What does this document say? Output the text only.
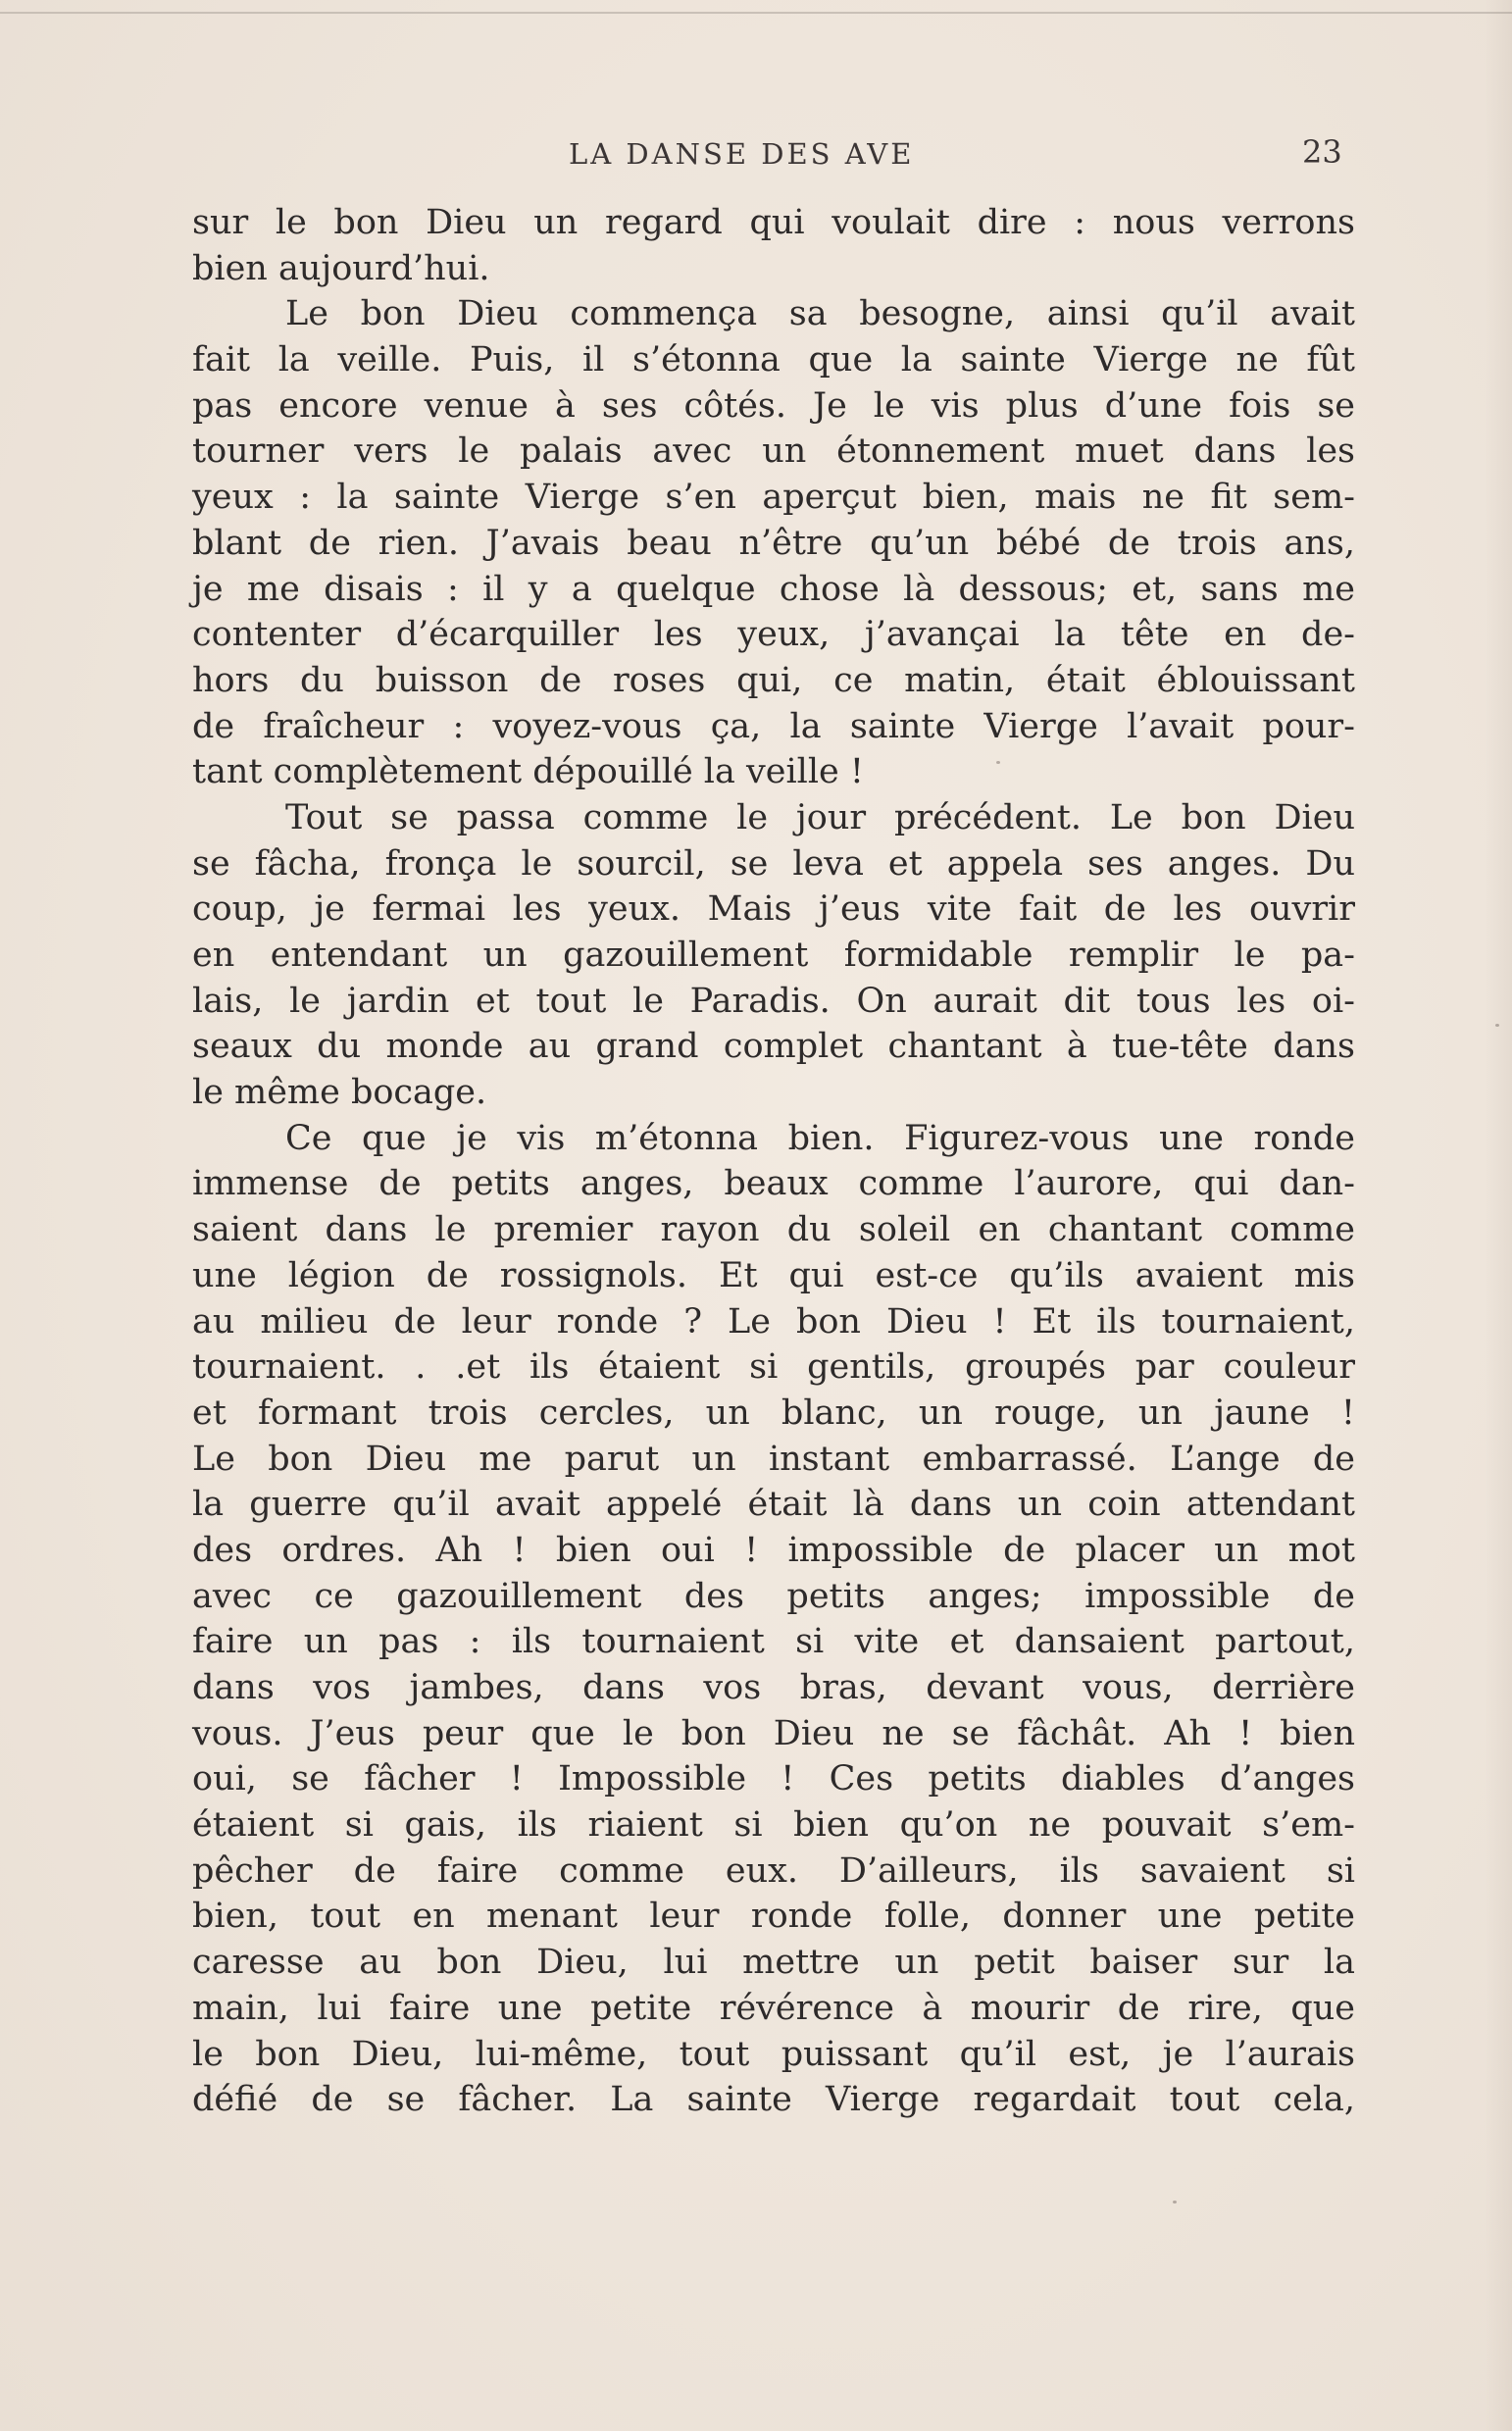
LA DANSE DES AVE	23
sur le bon Dieu un regard qui voulait dire : nous verrons
bien aujourd’hui.
Le bon Dieu commença sa besogne, ainsi qu’il avait
fait la veille. Puis, il s’étonna que la sainte Vierge ne fût
pas encore venue à ses côtés. Je le vis plus d’une fois se
tourner vers le palais avec un étonnement muet dans les
yeux : la sainte Vierge s’en aperçut bien, mais ne fit sem-
blant de rien. J’avais beau n’être qu’un bébé de trois ans,
je me disais : il y a quelque chose là dessous; et, sans me
contenter d’écarquiller les yeux, j’avançai la tête en de-
hors du buisson de roses qui, ce matin, était éblouissant
de fraîcheur : voyez-vous ça, la sainte Vierge l’avait pour-
tant complètement dépouillé la veille !
Tout se passa comme le jour précédent. Le bon Dieu
se fâcha, fronça le sourcil, se leva et appela ses anges. Du
coup, je fermai les yeux. Mais j’eus vite fait de les ouvrir
en entendant un gazouillement formidable remplir le pa-
lais, le jardin et tout le Paradis. On aurait dit tous les oi-
seaux du monde au grand complet chantant à tue-tête dans
le même bocage.
Ce que je vis m’étonna bien. Figurez-vous une ronde
immense de petits anges, beaux comme l’aurore, qui dan-
saient dans le premier rayon du soleil en chantant comme
une légion de rossignols. Et qui est-ce qu’ils avaient mis
au milieu de leur ronde ? Le bon Dieu ! Et ils tournaient,
tournaient. . .et ils étaient si gentils, groupés par couleur
et formant trois cercles, un blanc, un rouge, un jaune !
Le bon Dieu me parut un instant embarrassé. L’ange de
la guerre qu’il avait appelé était là dans un coin attendant
des ordres. Ah ! bien oui ! impossible de placer un mot
avec ce gazouillement des petits anges; impossible de
faire un pas : ils tournaient si vite et dansaient partout,
dans vos jambes, dans vos bras, devant vous, derrière
vous. J’eus peur que le bon Dieu ne se fâchât. Ah ! bien
oui, se fâcher ! Impossible ! Ces petits diables d’anges
étaient si gais, ils riaient si bien qu’on ne pouvait s’em-
pêcher de faire comme eux. D’ailleurs, ils savaient si
bien, tout en menant leur ronde folle, donner une petite
caresse au bon Dieu, lui mettre un petit baiser sur la
main, lui faire une petite révérence à mourir de rire, que
le bon Dieu, lui-même, tout puissant qu’il est, je l’aurais
défié de se fâcher. La sainte Vierge regardait tout cela,
